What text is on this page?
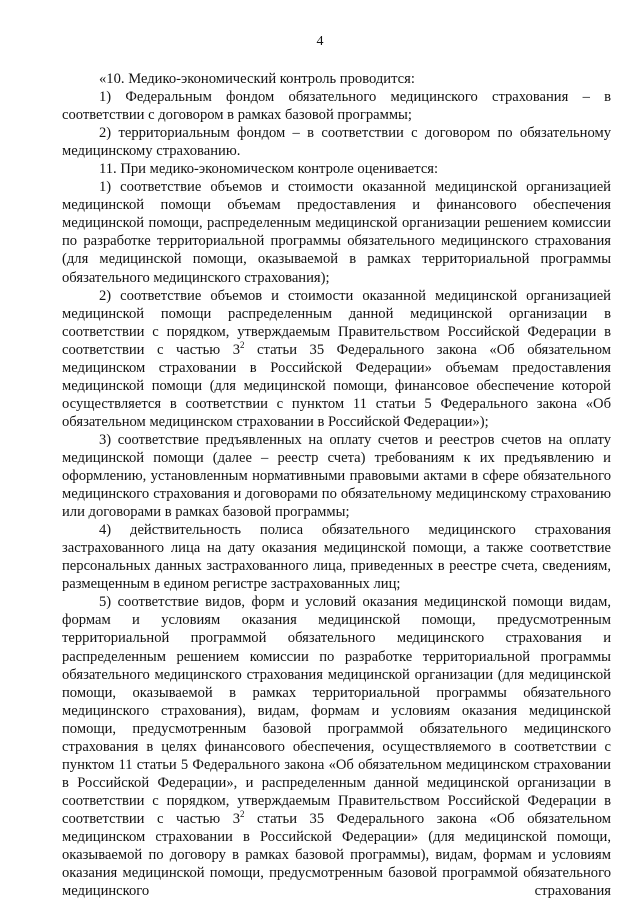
4

«10. Медико-экономический контроль проводится:

1) Федеральным фондом обязательного медицинского страхования – в соответствии с договором в рамках базовой программы;

2) территориальным фондом – в соответствии с договором по обязательному медицинскому страхованию.

11. При медико-экономическом контроле оценивается:

1) соответствие объемов и стоимости оказанной медицинской организацией медицинской помощи объемам предоставления и финансового обеспечения медицинской помощи, распределенным медицинской организации решением комиссии по разработке территориальной программы обязательного медицинского страхования (для медицинской помощи, оказываемой в рамках территориальной программы обязательного медицинского страхования);

2) соответствие объемов и стоимости оказанной медицинской организацией медицинской помощи распределенным данной медицинской организации в соответствии с порядком, утверждаемым Правительством Российской Федерации в соответствии с частью $3^2$ статьи 35 Федерального закона «Об обязательном медицинском страховании в Российской Федерации» объемам предоставления медицинской помощи (для медицинской помощи, финансовое обеспечение которой осуществляется в соответствии с пунктом 11 статьи 5 Федерального закона «Об обязательном медицинском страховании в Российской Федерации»);

3) соответствие предъявленных на оплату счетов и реестров счетов на оплату медицинской помощи (далее – реестр счета) требованиям к их предъявлению и оформлению, установленным нормативными правовыми актами в сфере обязательного медицинского страхования и договорами по обязательному медицинскому страхованию или договорами в рамках базовой программы;

4) действительность полиса обязательного медицинского страхования застрахованного лица на дату оказания медицинской помощи, а также соответствие персональных данных застрахованного лица, приведенных в реестре счета, сведениям, размещенным в едином регистре застрахованных лиц;

5) соответствие видов, форм и условий оказания медицинской помощи видам, формам и условиям оказания медицинской помощи, предусмотренным территориальной программой обязательного медицинского страхования и распределенным решением комиссии по разработке территориальной программы обязательного медицинского страхования медицинской организации (для медицинской помощи, оказываемой в рамках территориальной программы обязательного медицинского страхования), видам, формам и условиям оказания медицинской помощи, предусмотренным базовой программой обязательного медицинского страхования в целях финансового обеспечения, осуществляемого в соответствии с пунктом 11 статьи 5 Федерального закона «Об обязательном медицинском страховании в Российской Федерации», и распределенным данной медицинской организации в соответствии с порядком, утверждаемым Правительством Российской Федерации в соответствии с частью $3^2$ статьи 35 Федерального закона «Об обязательном медицинском страховании в Российской Федерации» (для медицинской помощи, оказываемой по договору в рамках базовой программы), видам, формам и условиям оказания медицинской помощи, предусмотренным базовой программой обязательного медицинского страхования
